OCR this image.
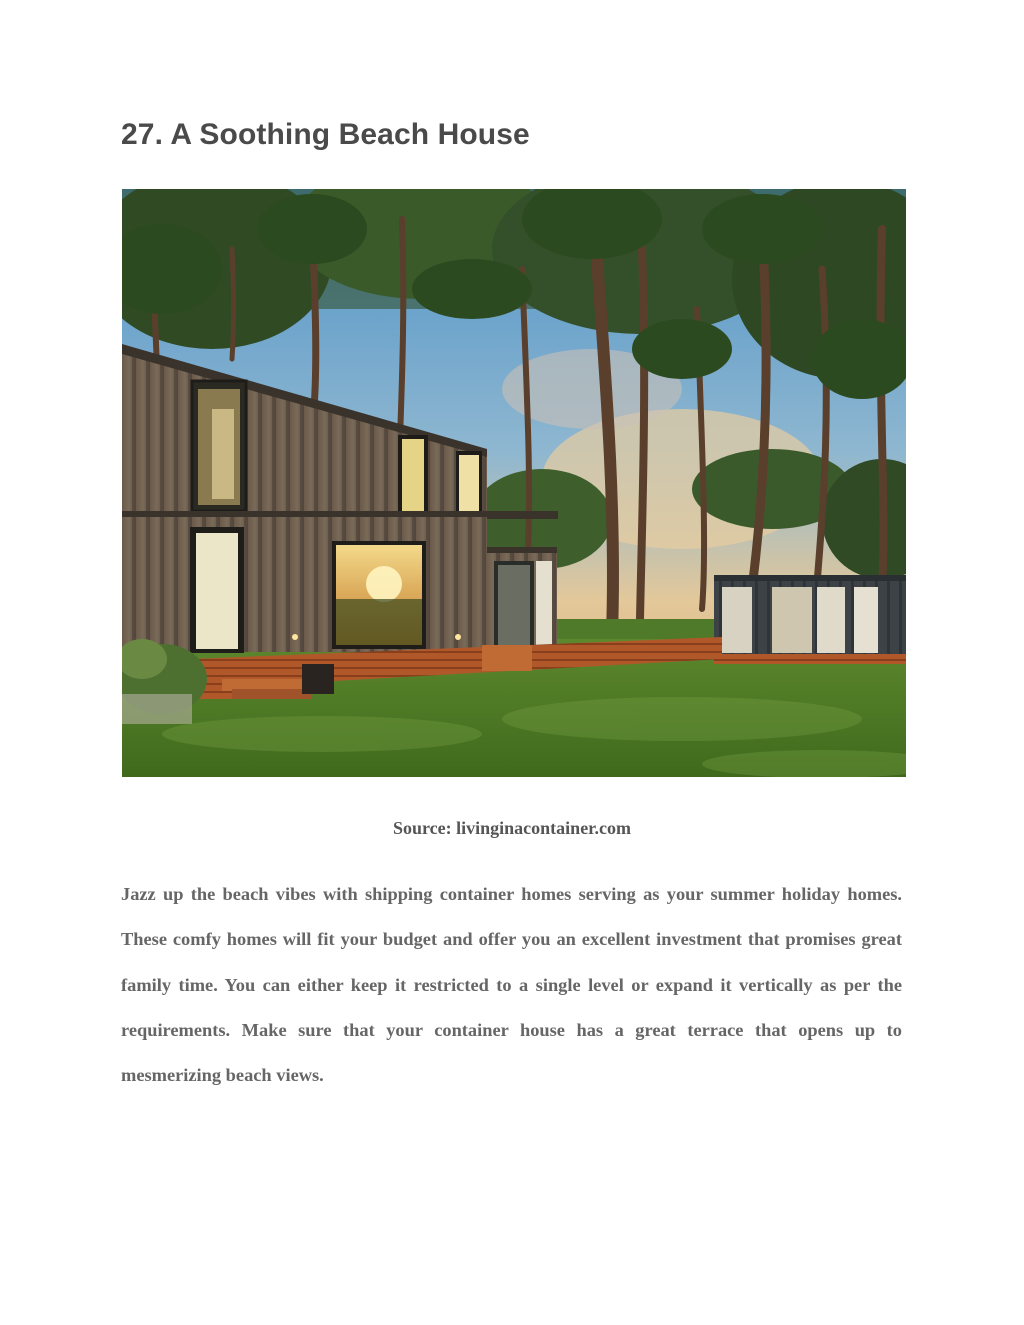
27. A Soothing Beach House
Source: livinginacontainer.com

Jazz up the beach vibes with shipping container homes serving as your summer holiday homes. These comfy homes will fit your budget and offer you an excellent investment that promises great family time. You can either keep it restricted to a single level or expand it vertically as per the requirements. Make sure that your container house has a great terrace that opens up to mesmerizing beach views.
